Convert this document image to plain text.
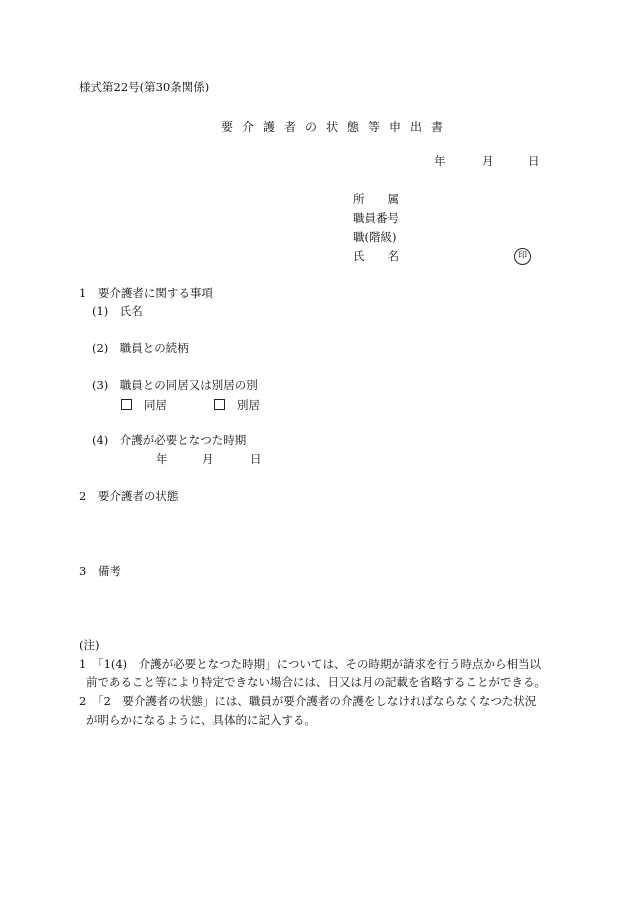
様式第22号(第30条関係)
要介護者の状態等申出書
年	月	日
所　　属
職員番号
職(階級)
氏　　名	印
1　要介護者に関する事項
(1)　氏名
(2)　職員との続柄
(3)　職員との同居又は別居の別
同居	別居
(4)　介護が必要となつた時期
年	月	日
2　要介護者の状態
3　備考
(注)
1　「1(4)　介護が必要となつた時期」については、その時期が請求を行う時点から相当以
前であること等により特定できない場合には、日又は月の記載を省略することができる。
2　「2　要介護者の状態」には、職員が要介護者の介護をしなければならなくなつた状況
が明らかになるように、具体的に記入する。
